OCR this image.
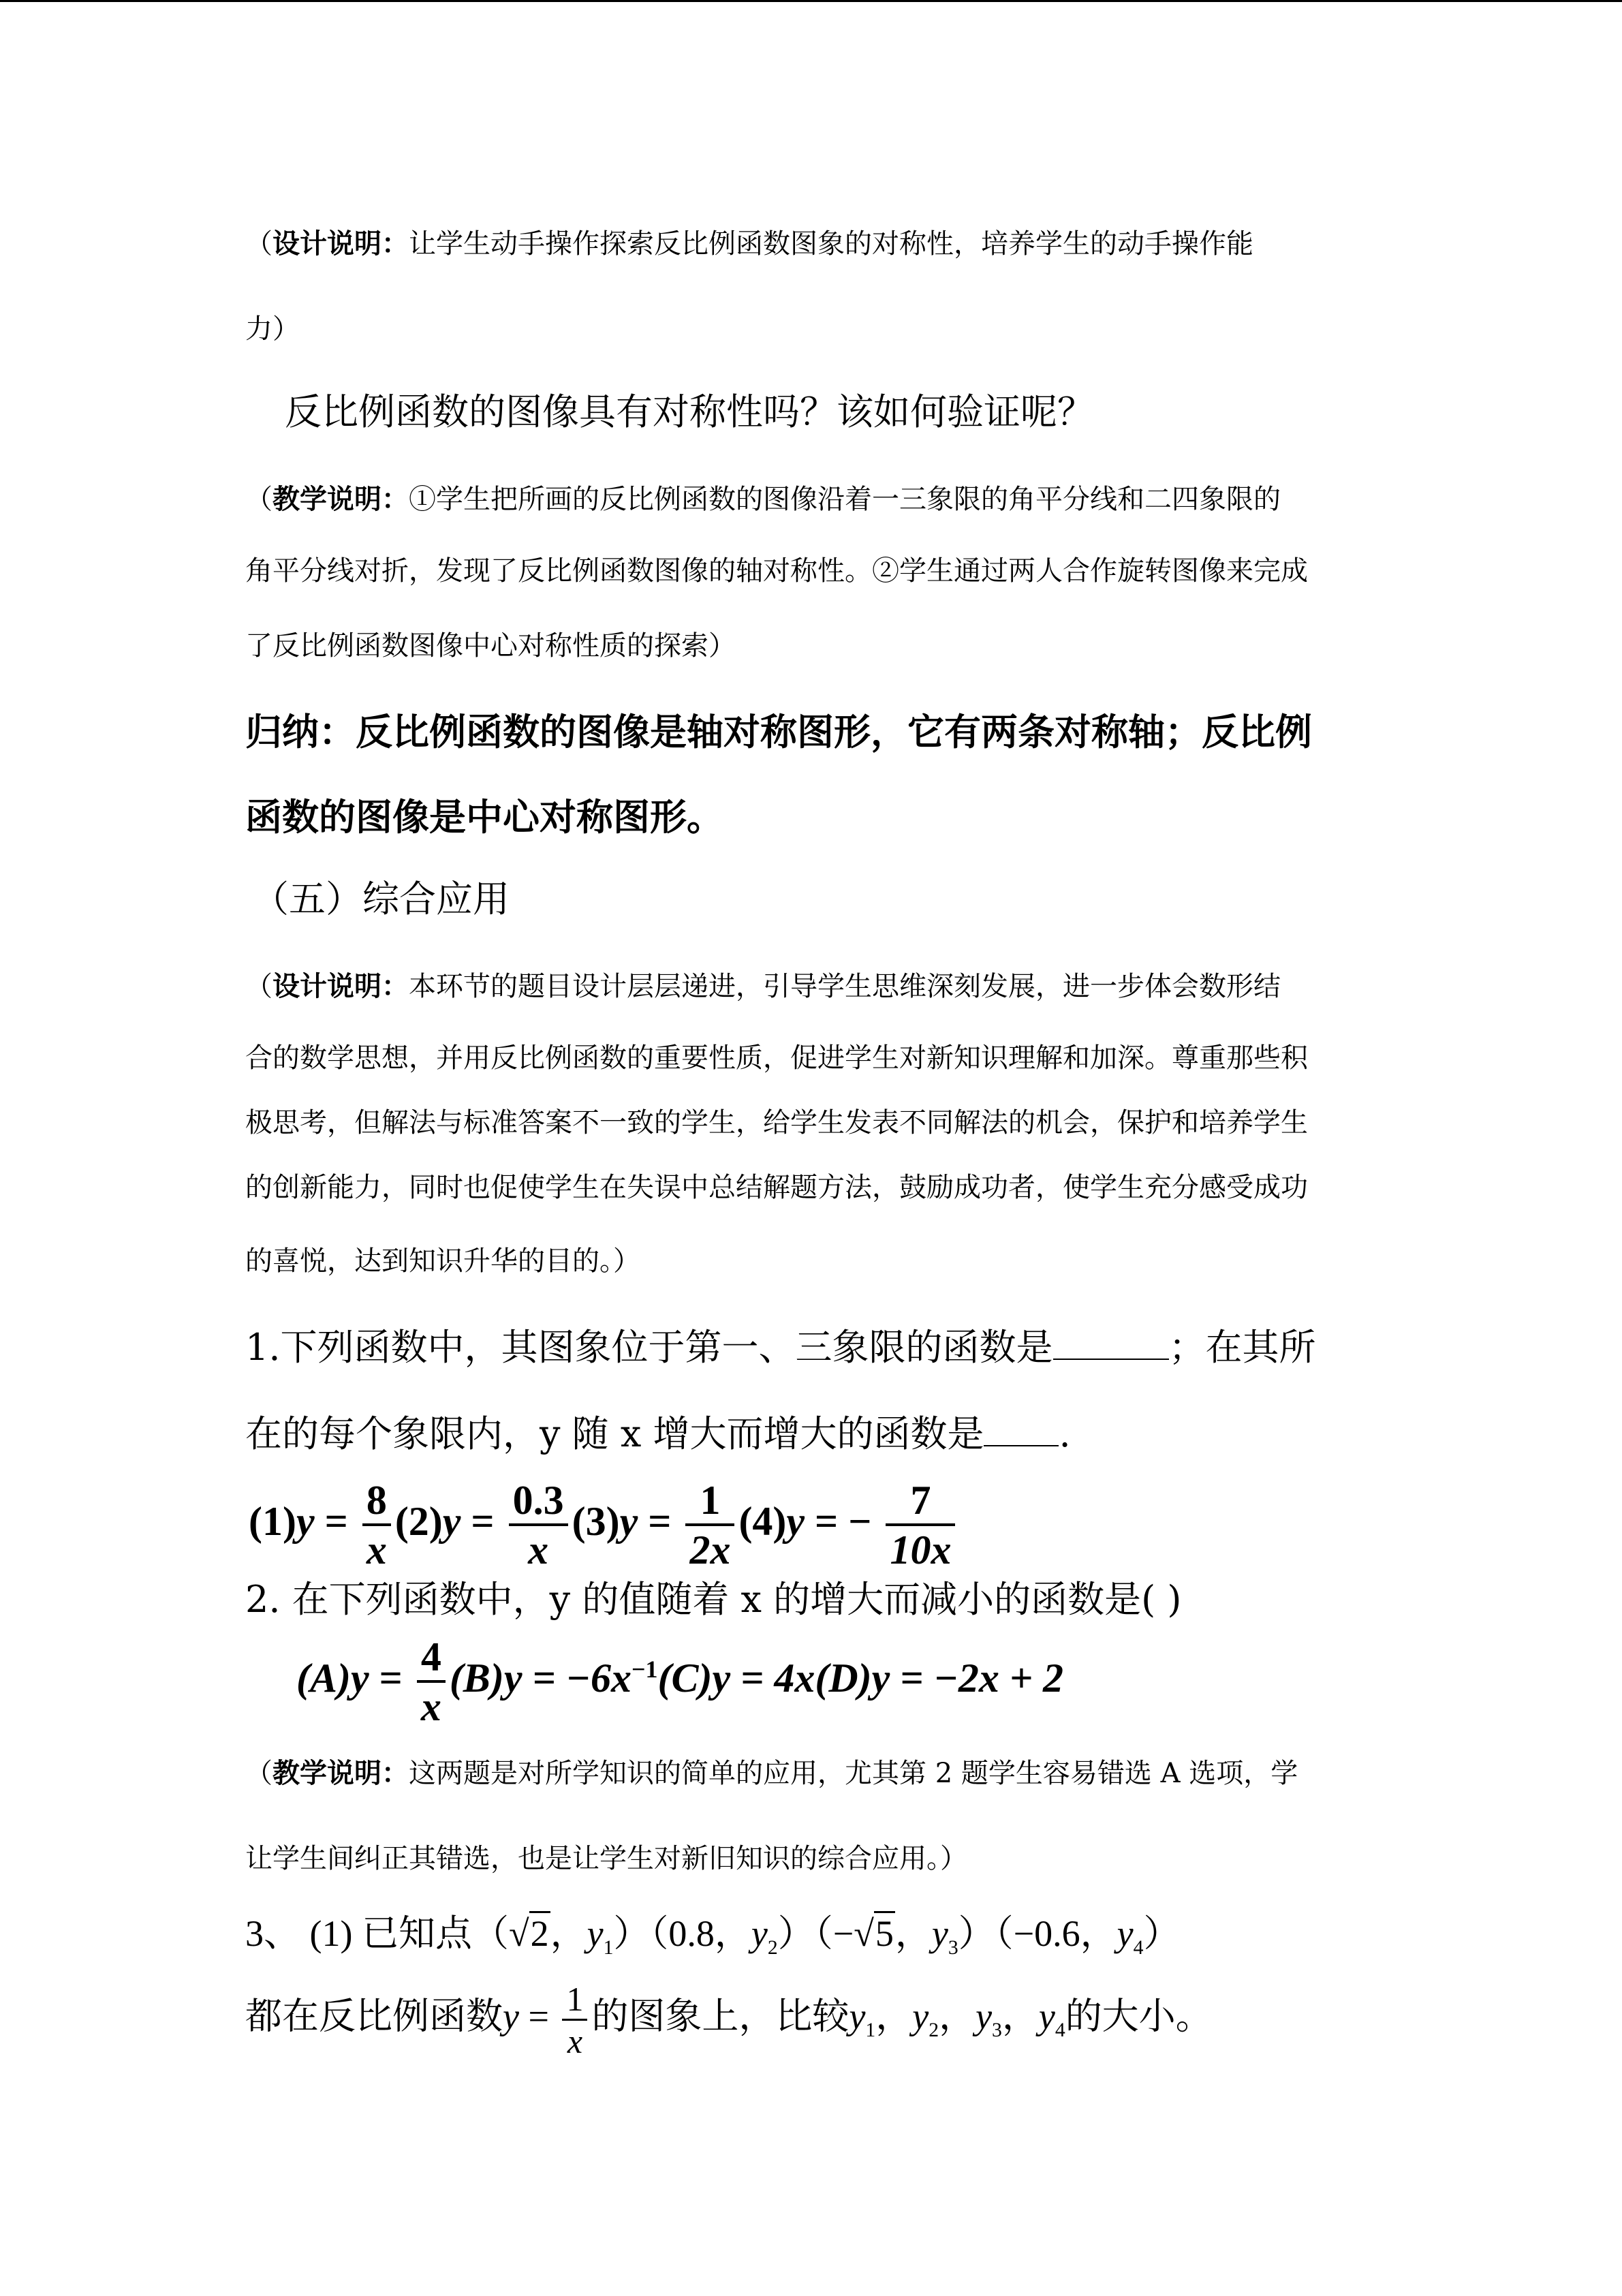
（设计说明：让学生动手操作探索反比例函数图象的对称性，培养学生的动手操作能
力）
反比例函数的图像具有对称性吗？该如何验证呢？
（教学说明：①学生把所画的反比例函数的图像沿着一三象限的角平分线和二四象限的
角平分线对折，发现了反比例函数图像的轴对称性。②学生通过两人合作旋转图像来完成
了反比例函数图像中心对称性质的探索）
归纳：反比例函数的图像是轴对称图形，它有两条对称轴；反比例
函数的图像是中心对称图形。
（五）综合应用
（设计说明：本环节的题目设计层层递进，引导学生思维深刻发展，进一步体会数形结
合的数学思想，并用反比例函数的重要性质，促进学生对新知识理解和加深。尊重那些积
极思考，但解法与标准答案不一致的学生，给学生发表不同解法的机会，保护和培养学生
的创新能力，同时也促使学生在失误中总结解题方法，鼓励成功者，使学生充分感受成功
的喜悦，达到知识升华的目的。）
1.下列函数中，其图象位于第一、三象限的函数是	；在其所
在的每个象限内，y 随 x 增大而增大的函数是 .
$(1)y = \frac{8}{x} (2)y = \frac{0.3}{x} (3)y = \frac{1}{2x} (4)y$ = − $\frac{7}{10x}$
2. 在下列函数中，y 的值随着 x 的增大而减小的函数是( )
$(A)y = \frac{4}{x} (B)y = -6x^{-1}(C)y = 4x(D)y = -2x + 2$
（教学说明：这两题是对所学知识的简单的应用，尤其第 2 题学生容易错选 A 选项，学
让学生间纠正其错选，也是让学生对新旧知识的综合应用。）
3、 (1) 已知点（√2，$y_1)(0.8$，$y_2)(-√5$，$y_3)(-0.6$，$y_4$）
都在反比例函数$y = \frac{1}{x}$ 的图象上，比较$y_1$，$y_2$，$y_3$，$y_4$的大小。
